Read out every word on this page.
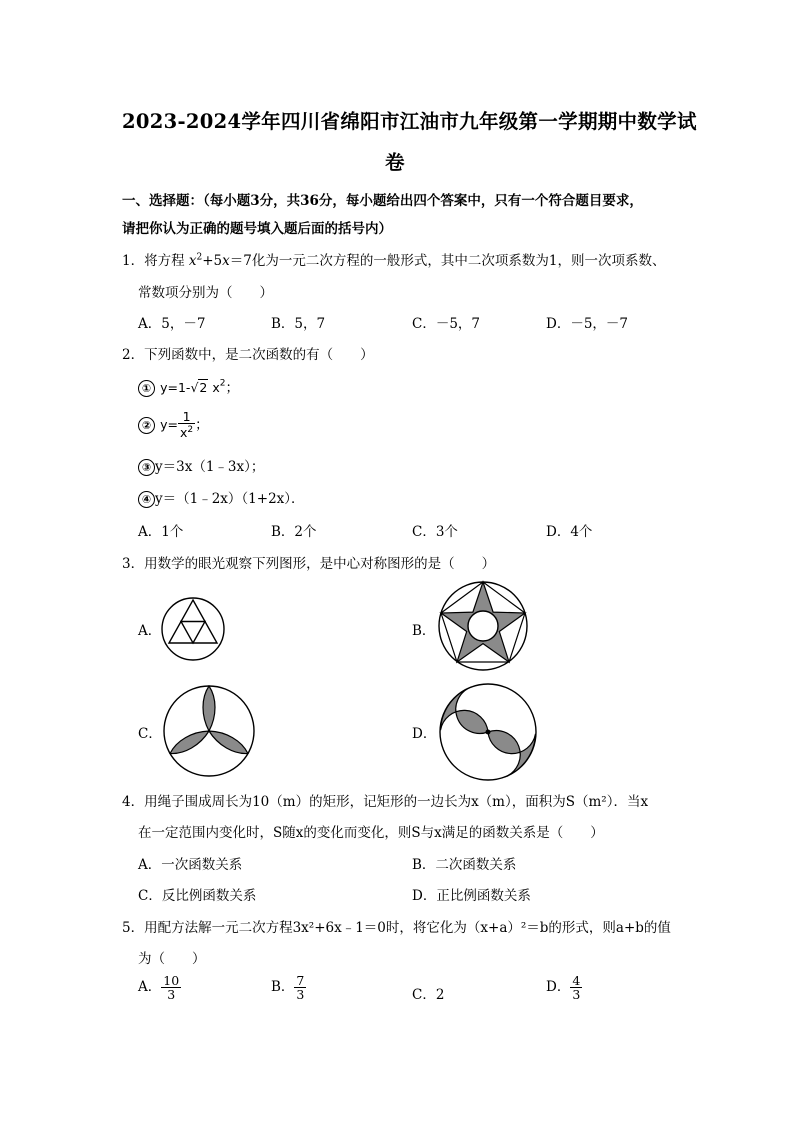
2023-2024学年四川省绵阳市江油市九年级第一学期期中数学试
卷
一、选择题：（每小题3分，共36分，每小题给出四个答案中，只有一个符合题目要求，
请把你认为正确的题号填入题后面的括号内）
1．将方程 $x^2+5x=7$化为一元二次方程的一般形式，其中二次项系数为1，则一次项系数、
常数项分别为（　　）
A．5，－7	B．5，7	C．－5，7	D．－5，－7
2．下列函数中，是二次函数的有（　　）
① y=1-√2 $x^2$；
② $y= \frac{1}{x^2}$ ；
③ y＝3x（1﹣3x）；
④ y＝（1﹣2x）（1+2x）．
A．1个	B．2个	C．3个	D．4个
3．用数学的眼光观察下列图形，是中心对称图形的是（　　）
A．	B．
C．	D．
4．用绳子围成周长为10（m）的矩形，记矩形的一边长为x（m），面积为S（m²）．当x
在一定范围内变化时，S随x的变化而变化，则S与x满足的函数关系是（　　）
A．一次函数关系	B．二次函数关系
C．反比例函数关系	D．正比例函数关系
5．用配方法解一元二次方程3x²+6x﹣1＝0时，将它化为（x+a）²＝b的形式，则a+b的值
为（　　）
A． $\frac{10}{3}$	B． $\frac{7}{3}$	C．2	D． $\frac{4}{3}$
